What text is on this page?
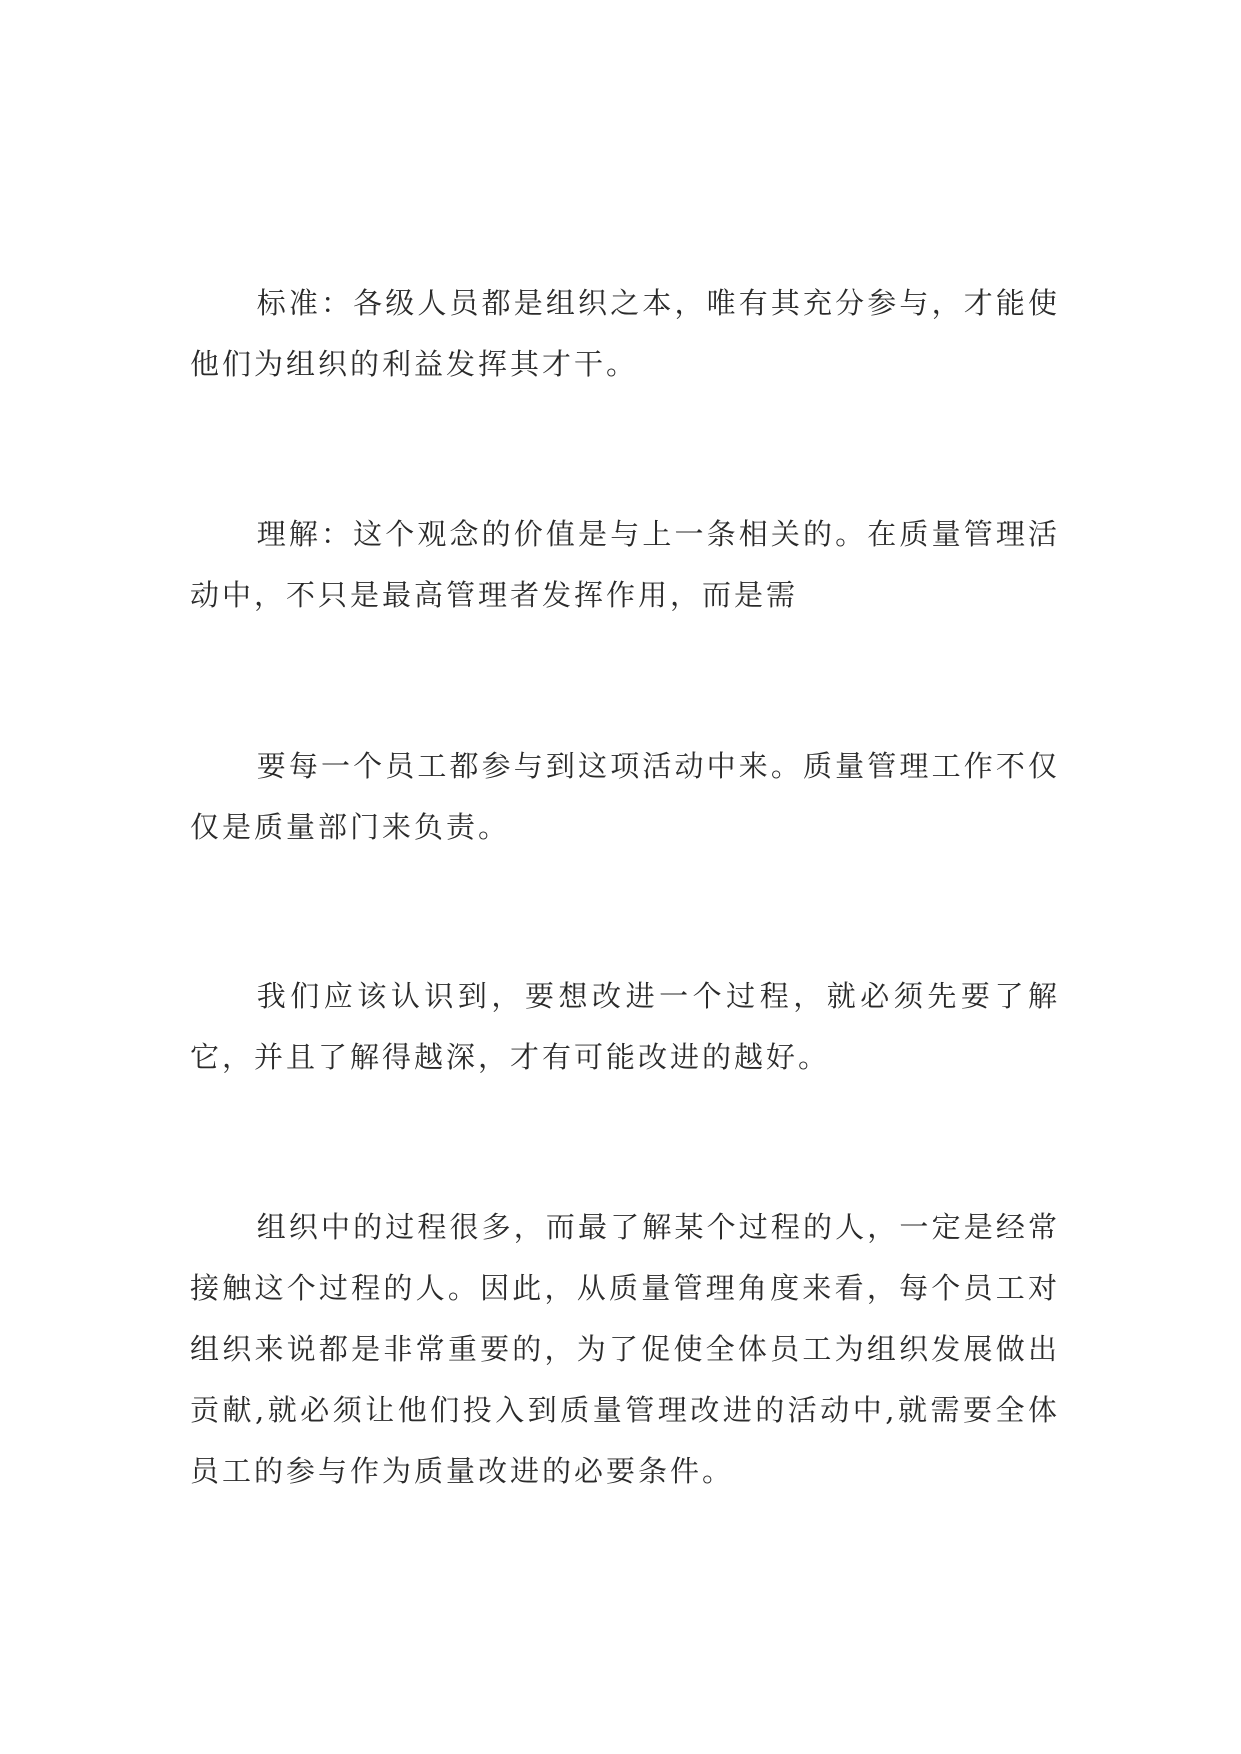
标准：各级人员都是组织之本，唯有其充分参与，才能使他们为组织的利益发挥其才干。

理解：这个观念的价值是与上一条相关的。在质量管理活动中，不只是最高管理者发挥作用，而是需

要每一个员工都参与到这项活动中来。质量管理工作不仅仅是质量部门来负责。

我们应该认识到，要想改进一个过程，就必须先要了解它，并且了解得越深，才有可能改进的越好。

组织中的过程很多，而最了解某个过程的人，一定是经常接触这个过程的人。因此，从质量管理角度来看，每个员工对组织来说都是非常重要的，为了促使全体员工为组织发展做出贡献,就必须让他们投入到质量管理改进的活动中,就需要全体员工的参与作为质量改进的必要条件。
